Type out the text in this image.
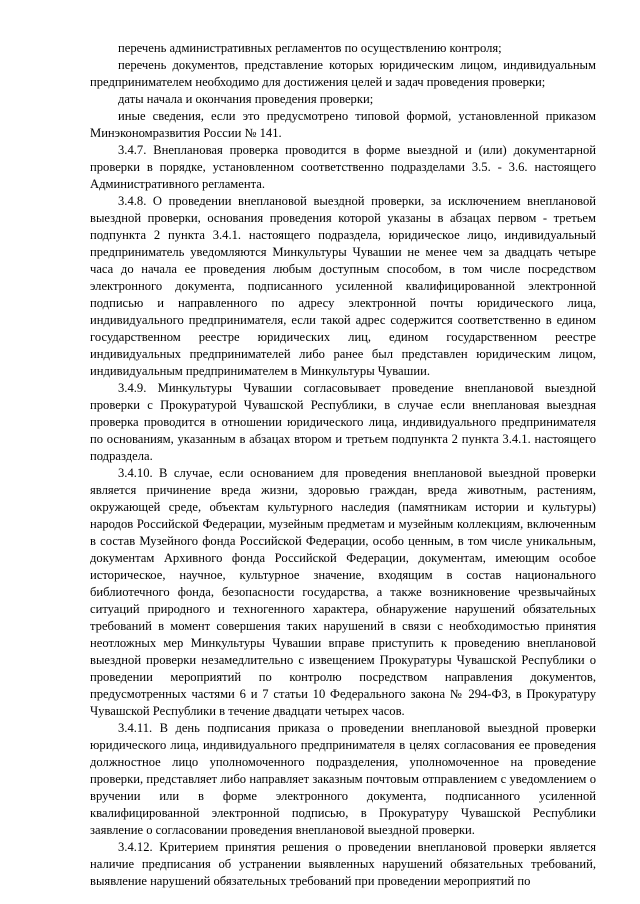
перечень административных регламентов по осуществлению контроля;

перечень документов, представление которых юридическим лицом, индивидуальным предпринимателем необходимо для достижения целей и задач проведения проверки;

даты начала и окончания проведения проверки;

иные сведения, если это предусмотрено типовой формой, установленной приказом Минэкономразвития России № 141.

3.4.7. Внеплановая проверка проводится в форме выездной и (или) документарной проверки в порядке, установленном соответственно подразделами 3.5. - 3.6. настоящего Административного регламента.

3.4.8. О проведении внеплановой выездной проверки, за исключением внеплановой выездной проверки, основания проведения которой указаны в абзацах первом - третьем подпункта 2 пункта 3.4.1. настоящего подраздела, юридическое лицо, индивидуальный предприниматель уведомляются Минкультуры Чувашии не менее чем за двадцать четыре часа до начала ее проведения любым доступным способом, в том числе посредством электронного документа, подписанного усиленной квалифицированной электронной подписью и направленного по адресу электронной почты юридического лица, индивидуального предпринимателя, если такой адрес содержится соответственно в едином государственном реестре юридических лиц, едином государственном реестре индивидуальных предпринимателей либо ранее был представлен юридическим лицом, индивидуальным предпринимателем в Минкультуры Чувашии.

3.4.9. Минкультуры Чувашии согласовывает проведение внеплановой выездной проверки с Прокуратурой Чувашской Республики, в случае если внеплановая выездная проверка проводится в отношении юридического лица, индивидуального предпринимателя по основаниям, указанным в абзацах втором и третьем подпункта 2 пункта 3.4.1. настоящего подраздела.

3.4.10. В случае, если основанием для проведения внеплановой выездной проверки является причинение вреда жизни, здоровью граждан, вреда животным, растениям, окружающей среде, объектам культурного наследия (памятникам истории и культуры) народов Российской Федерации, музейным предметам и музейным коллекциям, включенным в состав Музейного фонда Российской Федерации, особо ценным, в том числе уникальным, документам Архивного фонда Российской Федерации, документам, имеющим особое историческое, научное, культурное значение, входящим в состав национального библиотечного фонда, безопасности государства, а также возникновение чрезвычайных ситуаций природного и техногенного характера, обнаружение нарушений обязательных требований в момент совершения таких нарушений в связи с необходимостью принятия неотложных мер Минкультуры Чувашии вправе приступить к проведению внеплановой выездной проверки незамедлительно с извещением Прокуратуры Чувашской Республики о проведении мероприятий по контролю посредством направления документов, предусмотренных частями 6 и 7 статьи 10 Федерального закона № 294-ФЗ, в Прокуратуру Чувашской Республики в течение двадцати четырех часов.

3.4.11. В день подписания приказа о проведении внеплановой выездной проверки юридического лица, индивидуального предпринимателя в целях согласования ее проведения должностное лицо уполномоченного подразделения, уполномоченное на проведение проверки, представляет либо направляет заказным почтовым отправлением с уведомлением о вручении или в форме электронного документа, подписанного усиленной квалифицированной электронной подписью, в Прокуратуру Чувашской Республики заявление о согласовании проведения внеплановой выездной проверки.

3.4.12. Критерием принятия решения о проведении внеплановой проверки является наличие предписания об устранении выявленных нарушений обязательных требований, выявление нарушений обязательных требований при проведении мероприятий по
